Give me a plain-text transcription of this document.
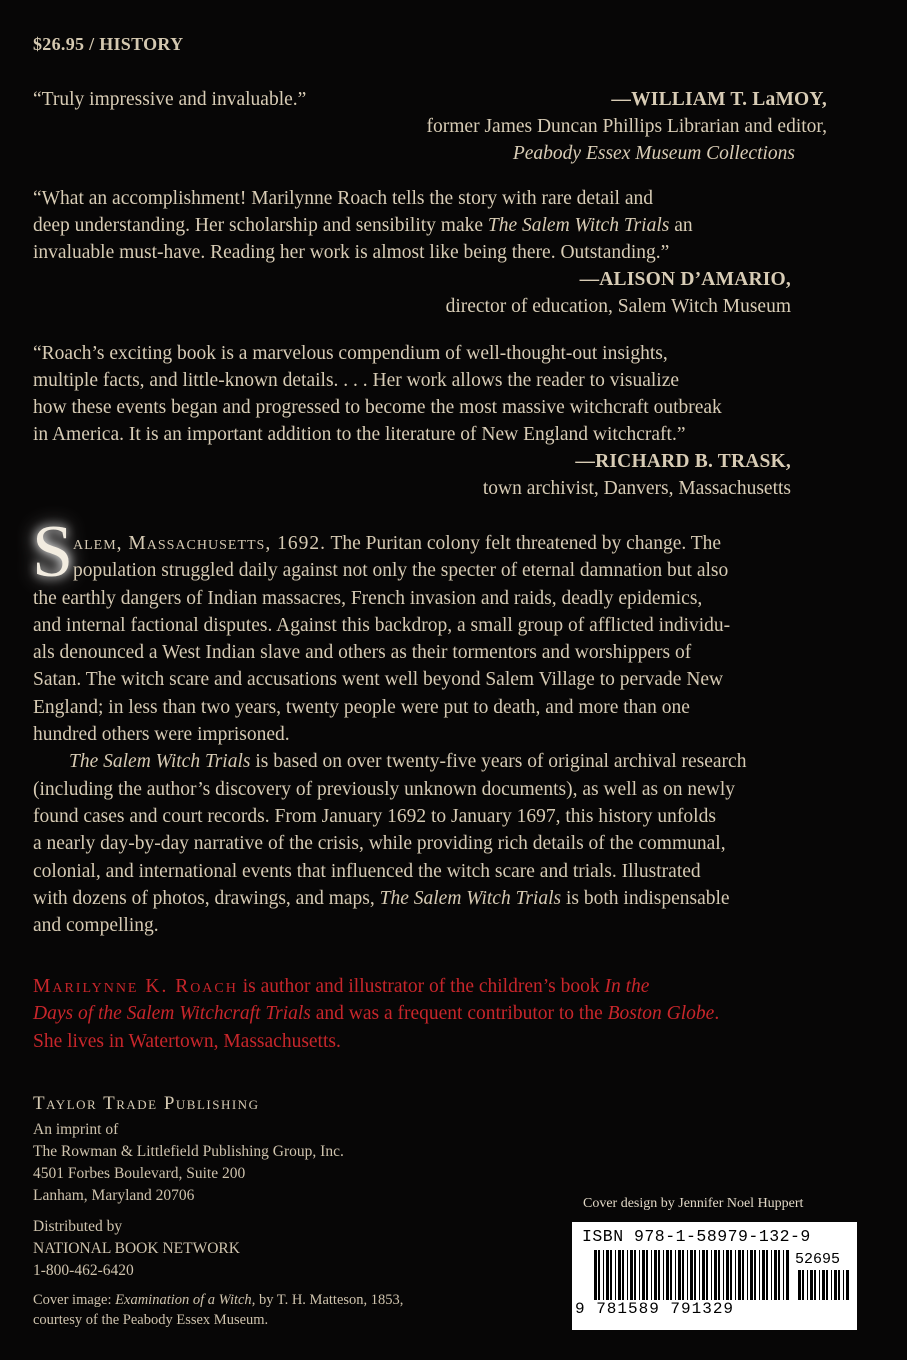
$26.95 / HISTORY
“Truly impressive and invaluable.”	—WILLIAM T. LaMOY,
former James Duncan Phillips Librarian and editor,
Peabody Essex Museum Collections
“What an accomplishment! Marilynne Roach tells the story with rare detail and
deep understanding. Her scholarship and sensibility make The Salem Witch Trials an
invaluable must-have. Reading her work is almost like being there. Outstanding.”
—ALISON D’AMARIO,
director of education, Salem Witch Museum
“Roach’s exciting book is a marvelous compendium of well-thought-out insights,
multiple facts, and little-known details. . . . Her work allows the reader to visualize
how these events began and progressed to become the most massive witchcraft outbreak
in America. It is an important addition to the literature of New England witchcraft.”
—RICHARD B. TRASK,
town archivist, Danvers, Massachusetts
S alem, Massachusetts, 1692. The Puritan colony felt threatened by change. The
population struggled daily against not only the specter of eternal damnation but also
the earthly dangers of Indian massacres, French invasion and raids, deadly epidemics,
and internal factional disputes. Against this backdrop, a small group of afflicted individu-
als denounced a West Indian slave and others as their tormentors and worshippers of
Satan. The witch scare and accusations went well beyond Salem Village to pervade New
England; in less than two years, twenty people were put to death, and more than one
hundred others were imprisoned.
The Salem Witch Trials is based on over twenty-five years of original archival research
(including the author’s discovery of previously unknown documents), as well as on newly
found cases and court records. From January 1692 to January 1697, this history unfolds
a nearly day-by-day narrative of the crisis, while providing rich details of the communal,
colonial, and international events that influenced the witch scare and trials. Illustrated
with dozens of photos, drawings, and maps, The Salem Witch Trials is both indispensable
and compelling.
Marilynne K. Roach is author and illustrator of the children’s book In the
Days of the Salem Witchcraft Trials and was a frequent contributor to the Boston Globe.
She lives in Watertown, Massachusetts.
Taylor Trade Publishing
An imprint of
The Rowman & Littlefield Publishing Group, Inc.
4501 Forbes Boulevard, Suite 200
Lanham, Maryland 20706
Distributed by
NATIONAL BOOK NETWORK
1-800-462-6420
Cover image: Examination of a Witch, by T. H. Matteson, 1853,
courtesy of the Peabody Essex Museum.
Cover design by Jennifer Noel Huppert
ISBN 978-1-58979-132-9
52695
9 781589 791329
